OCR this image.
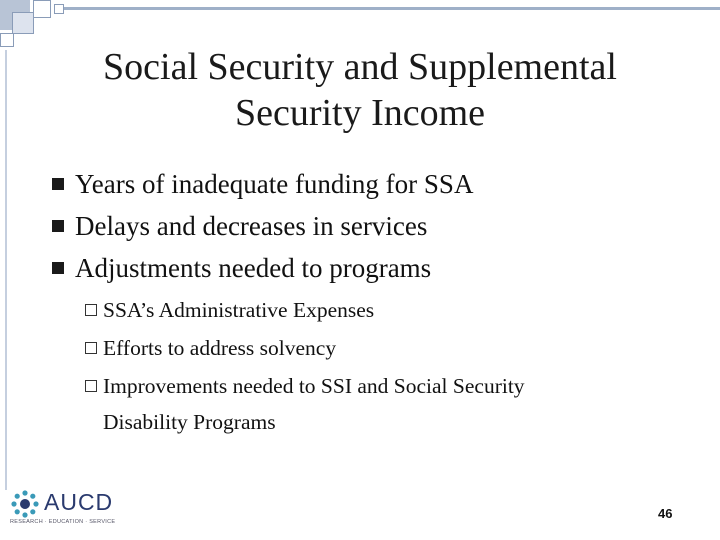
Social Security and Supplemental Security Income
Years of inadequate funding for SSA
Delays and decreases in services
Adjustments needed to programs
SSA’s Administrative Expenses
Efforts to address solvency
Improvements needed to SSI and Social Security
Disability Programs
AUCD
RESEARCH · EDUCATION · SERVICE
46
